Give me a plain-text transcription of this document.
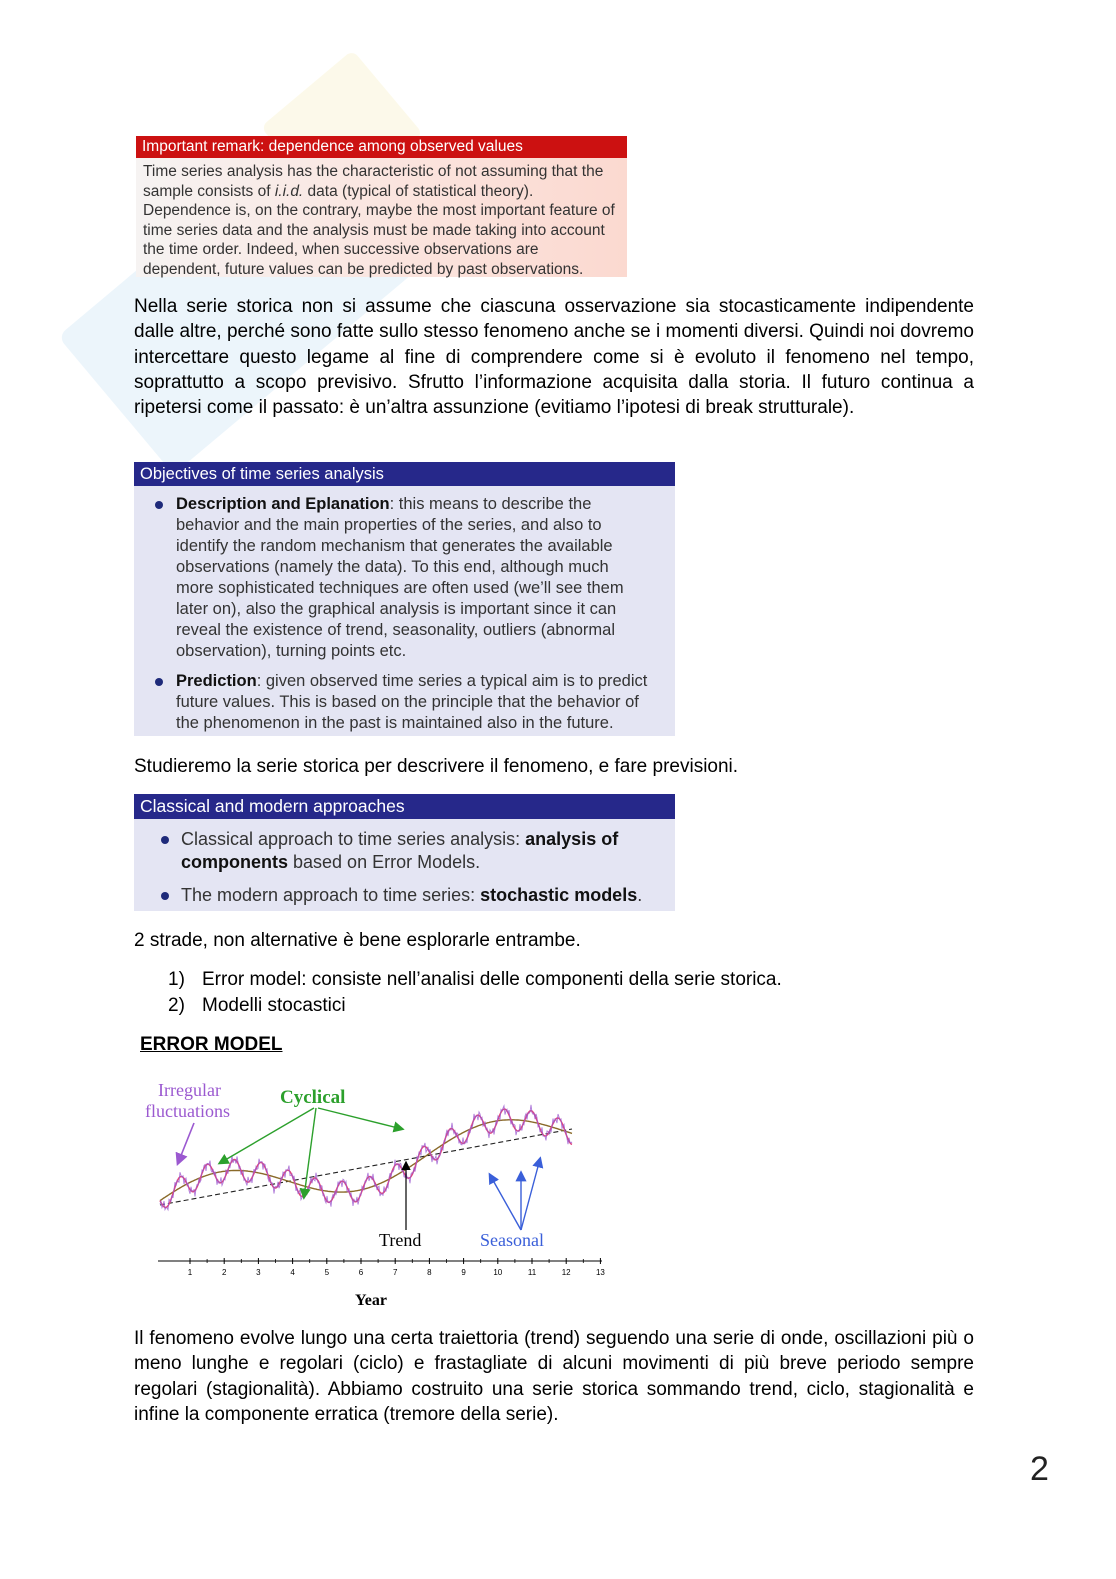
Important remark: dependence among observed values
Time series analysis has the characteristic of not assuming that the
sample consists of i.i.d. data (typical of statistical theory).
Dependence is, on the contrary, maybe the most important feature of
time series data and the analysis must be made taking into account
the time order. Indeed, when successive observations are
dependent, future values can be predicted by past observations.
Nella serie storica non si assume che ciascuna osservazione sia stocasticamente indipendente dalle altre, perché sono fatte sullo stesso fenomeno anche se i momenti diversi. Quindi noi dovremo intercettare questo legame al fine di comprendere come si è evoluto il fenomeno nel tempo, soprattutto a scopo previsivo. Sfrutto l’informazione acquisita dalla storia. Il futuro continua a ripetersi come il passato: è un’altra assunzione (evitiamo l’ipotesi di break strutturale).
Objectives of time series analysis
Description and Eplanation: this means to describe the
behavior and the main properties of the series, and also to
identify the random mechanism that generates the available
observations (namely the data). To this end, although much
more sophisticated techniques are often used (we’ll see them
later on), also the graphical analysis is important since it can
reveal the existence of trend, seasonality, outliers (abnormal
observation), turning points etc.
Prediction: given observed time series a typical aim is to predict
future values. This is based on the principle that the behavior of
the phenomenon in the past is maintained also in the future.
Studieremo la serie storica per descrivere il fenomeno, e fare previsioni.
Classical and modern approaches
Classical approach to time series analysis: analysis of
components based on Error Models.
The modern approach to time series: stochastic models.
2 strade, non alternative è bene esplorarle entrambe.
1) Error model: consiste nell’analisi delle componenti della serie storica.
2) Modelli stocastici
ERROR MODEL
Irregular
fluctuations
Cyclical
Trend	Seasonal
Year
1	2	3	4	5	6	7	8	9	10	11	12	13
Il fenomeno evolve lungo una certa traiettoria (trend) seguendo una serie di onde, oscillazioni più o meno lunghe e regolari (ciclo) e frastagliate di alcuni movimenti di più breve periodo sempre regolari (stagionalità). Abbiamo costruito una serie storica sommando trend, ciclo, stagionalità e infine la componente erratica (tremore della serie).
2
